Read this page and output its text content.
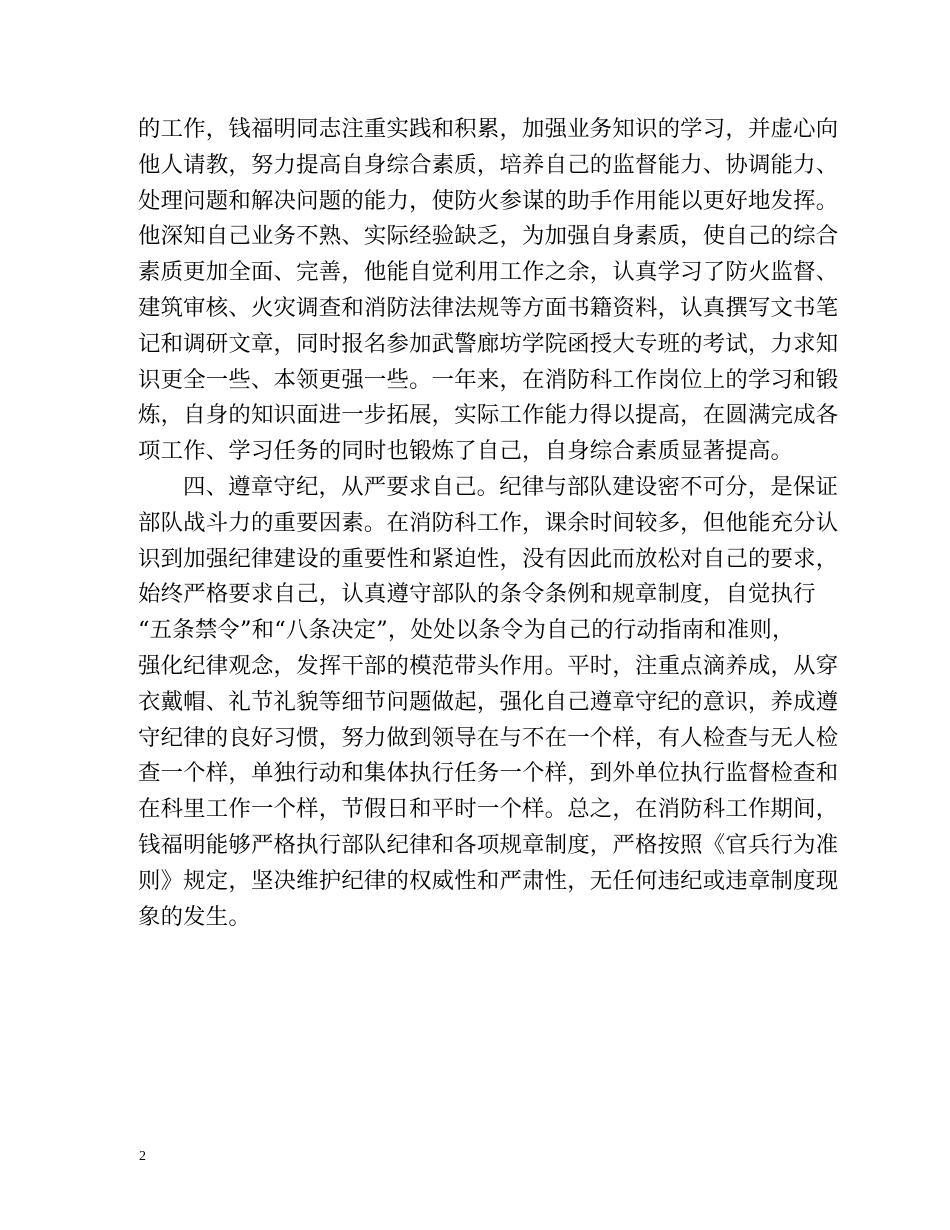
的工作，钱福明同志注重实践和积累，加强业务知识的学习，并虚心向
他人请教，努力提高自身综合素质，培养自己的监督能力、协调能力、
处理问题和解决问题的能力，使防火参谋的助手作用能以更好地发挥。
他深知自己业务不熟、实际经验缺乏，为加强自身素质，使自己的综合
素质更加全面、完善，他能自觉利用工作之余，认真学习了防火监督、
建筑审核、火灾调查和消防法律法规等方面书籍资料，认真撰写文书笔
记和调研文章，同时报名参加武警廊坊学院函授大专班的考试，力求知
识更全一些、本领更强一些。一年来，在消防科工作岗位上的学习和锻
炼，自身的知识面进一步拓展，实际工作能力得以提高，在圆满完成各
项工作、学习任务的同时也锻炼了自己，自身综合素质显著提高。
四、遵章守纪，从严要求自己。纪律与部队建设密不可分，是保证
部队战斗力的重要因素。在消防科工作，课余时间较多，但他能充分认
识到加强纪律建设的重要性和紧迫性，没有因此而放松对自己的要求，
始终严格要求自己，认真遵守部队的条令条例和规章制度，自觉执行
“五条禁令”和“八条决定”，处处以条令为自己的行动指南和准则，
强化纪律观念，发挥干部的模范带头作用。平时，注重点滴养成，从穿
衣戴帽、礼节礼貌等细节问题做起，强化自己遵章守纪的意识，养成遵
守纪律的良好习惯，努力做到领导在与不在一个样，有人检查与无人检
查一个样，单独行动和集体执行任务一个样，到外单位执行监督检查和
在科里工作一个样，节假日和平时一个样。总之，在消防科工作期间，
钱福明能够严格执行部队纪律和各项规章制度，严格按照《官兵行为准
则》规定，坚决维护纪律的权威性和严肃性，无任何违纪或违章制度现
象的发生。
2
